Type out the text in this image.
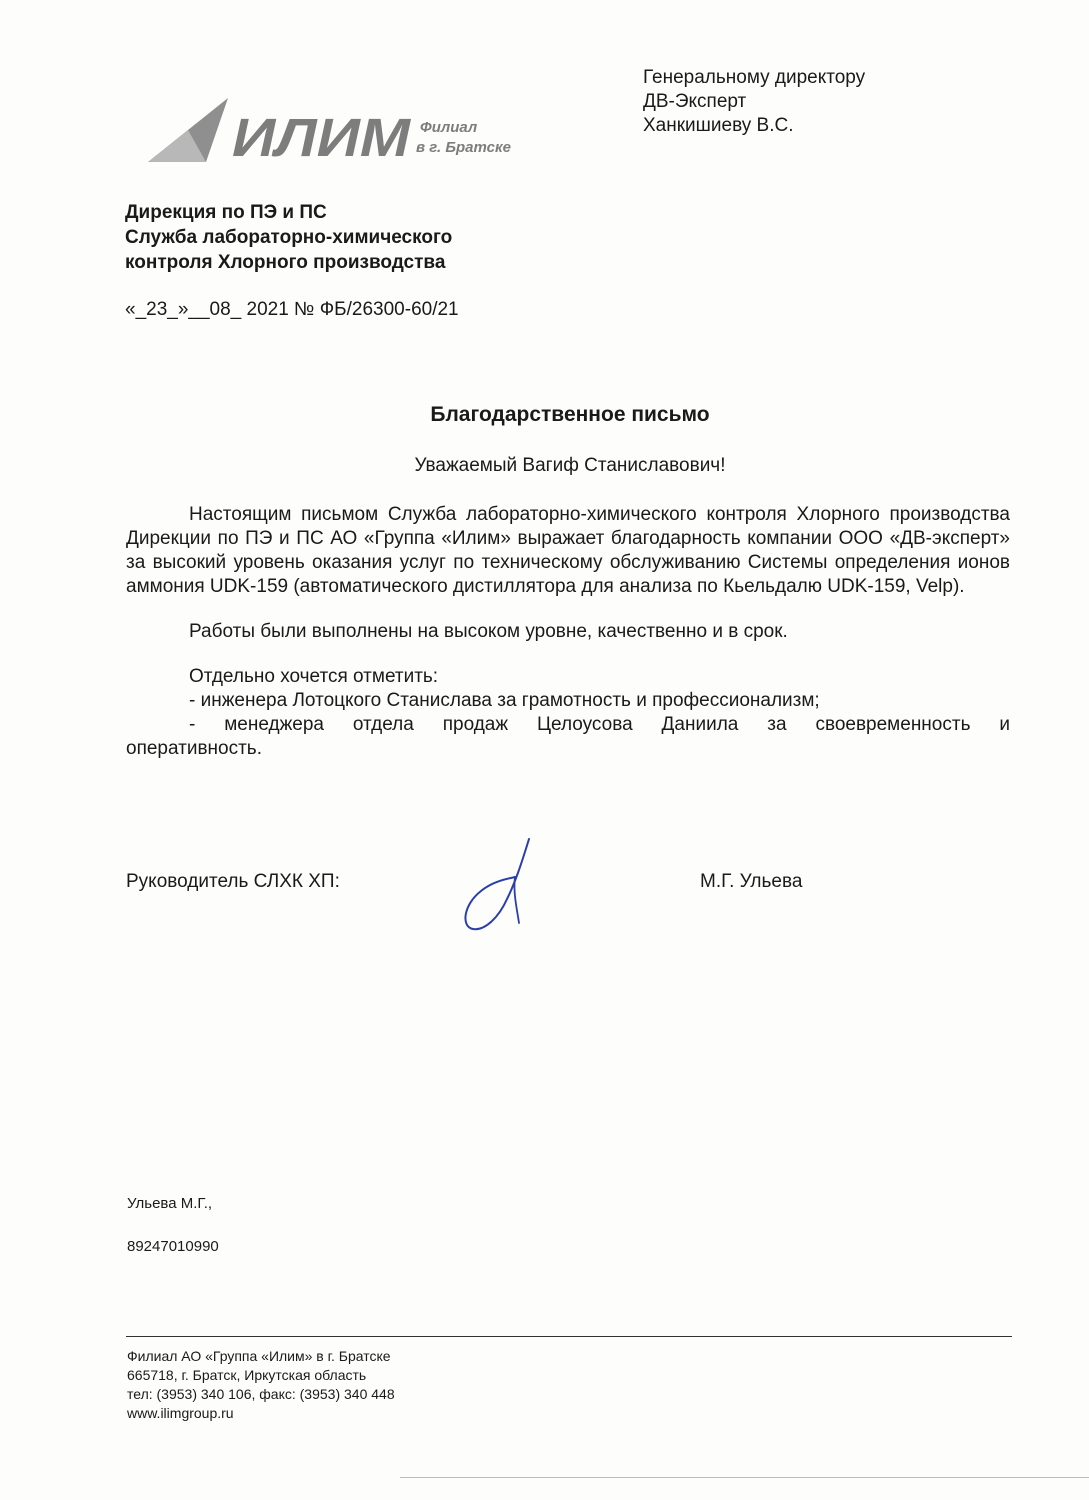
ИЛИМ Филиал
в г. Братске
Генеральному директору
ДВ-Эксперт
Ханкишиеву В.С.
Дирекция по ПЭ и ПС
Служба лабораторно-химического
контроля Хлорного производства
«_23_»__08_ 2021 № ФБ/26300-60/21
Благодарственное письмо
Уважаемый Вагиф Станиславович!
Настоящим письмом Служба лабораторно-химического контроля Хлорного производства Дирекции по ПЭ и ПС АО «Группа «Илим» выражает благодарность компании ООО «ДВ-эксперт» за высокий уровень оказания услуг по техническому обслуживанию Системы определения ионов аммония UDK-159 (автоматического дистиллятора для анализа по Кьельдалю UDK-159, Velp).
Работы были выполнены на высоком уровне, качественно и в срок.
Отдельно хочется отметить:
- инженера Лотоцкого Станислава за грамотность и профессионализм;
- менеджера отдела продаж Целоусова Даниила за своевременность и
оперативность.
Руководитель СЛХК ХП:	М.Г. Ульева
Ульева М.Г.,
89247010990
Филиал АО «Группа «Илим» в г. Братске
665718, г. Братск, Иркутская область
тел: (3953) 340 106, факс: (3953) 340 448
www.ilimgroup.ru
